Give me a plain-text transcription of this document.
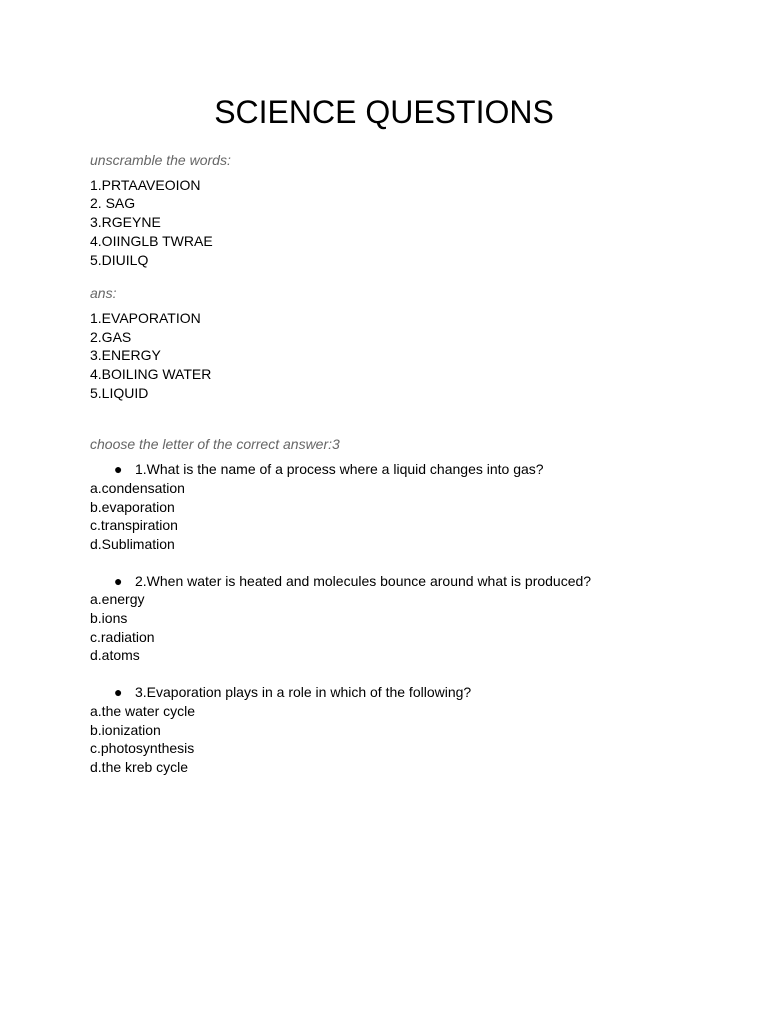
SCIENCE QUESTIONS

unscramble the words:

1.PRTAAVEOION

2. SAG

3.RGEYNE

4.OIINGLB TWRAE

5.DIUILQ

ans:

1.EVAPORATION

2.GAS

3.ENERGY

4.BOILING WATER

5.LIQUID

choose the letter of the correct answer:3

● 1.What is the name of a process where a liquid changes into gas?

a.condensation

b.evaporation

c.transpiration

d.Sublimation

● 2.When water is heated and molecules bounce around what is produced?

a.energy

b.ions

c.radiation

d.atoms

● 3.Evaporation plays in a role in which of the following?

a.the water cycle

b.ionization

c.photosynthesis

d.the kreb cycle
